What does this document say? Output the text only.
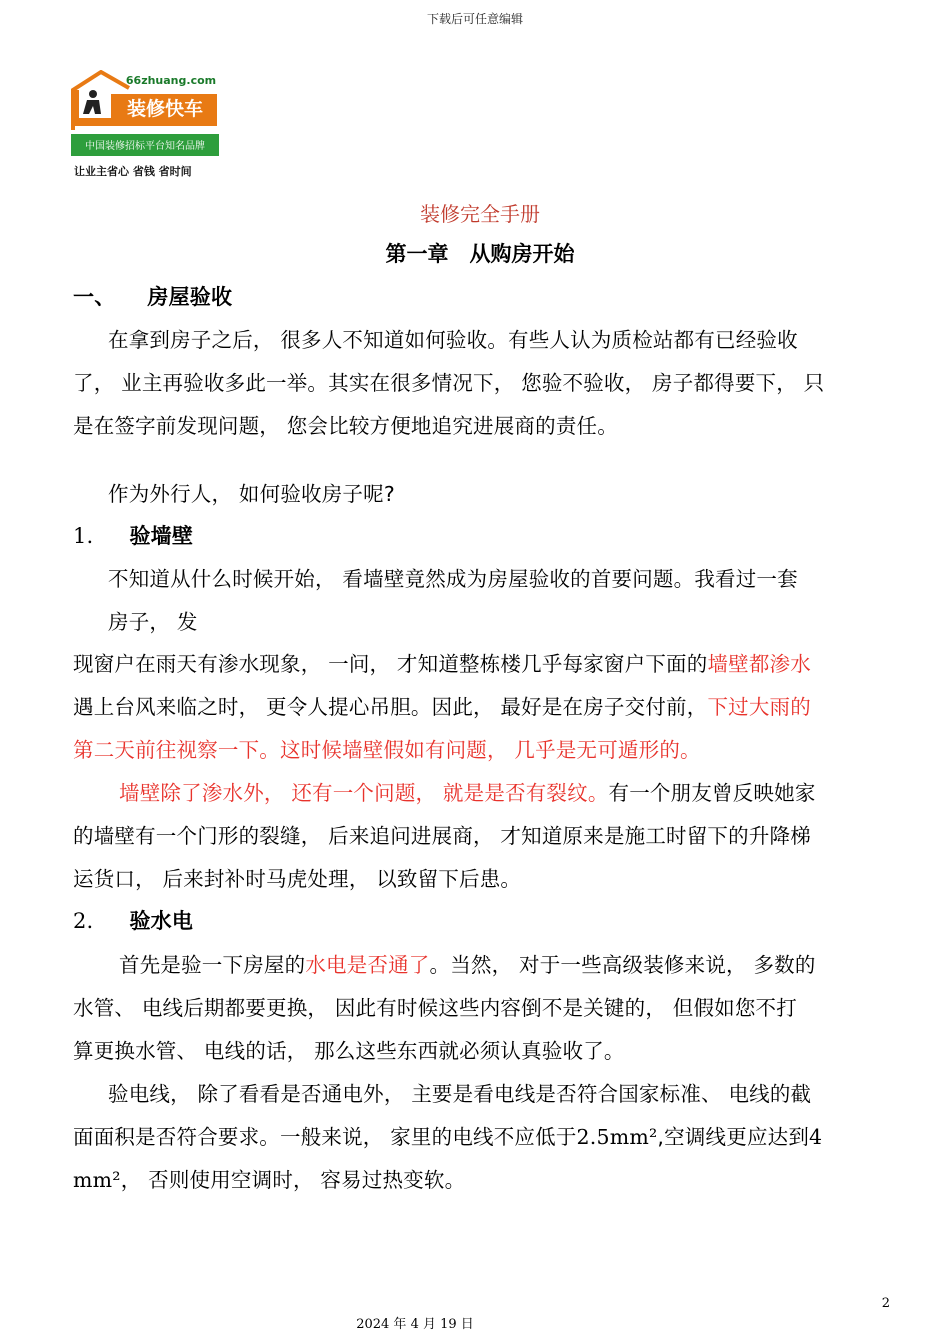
下载后可任意编辑
66zhuang.com
装修快车
中国装修招标平台知名品牌
让业主省心 省钱 省时间
装修完全手册
第一章　从购房开始
一、 房屋验收
在拿到房子之后， 很多人不知道如何验收。有些人认为质检站都有已经验收
了， 业主再验收多此一举。其实在很多情况下， 您验不验收， 房子都得要下， 只
是在签字前发现问题， 您会比较方便地追究进展商的责任。
作为外行人， 如何验收房子呢?
1. 验墙壁
不知道从什么时候开始， 看墙壁竟然成为房屋验收的首要问题。我看过一套
房子， 发
现窗户在雨天有渗水现象， 一问， 才知道整栋楼几乎每家窗户下面的墙壁都渗水
遇上台风来临之时， 更令人提心吊胆。因此， 最好是在房子交付前，下过大雨的
第二天前往视察一下。这时候墙壁假如有问题， 几乎是无可遁形的。
墙壁除了渗水外， 还有一个问题， 就是是否有裂纹。有一个朋友曾反映她家
的墙壁有一个门形的裂缝， 后来追问进展商， 才知道原来是施工时留下的升降梯
运货口， 后来封补时马虎处理， 以致留下后患。
2. 验水电
首先是验一下房屋的水电是否通了。当然， 对于一些高级装修来说， 多数的
水管、 电线后期都要更换， 因此有时候这些内容倒不是关键的， 但假如您不打
算更换水管、 电线的话， 那么这些东西就必须认真验收了。
验电线， 除了看看是否通电外， 主要是看电线是否符合国家标准、 电线的截
面面积是否符合要求。一般来说， 家里的电线不应低于2.5mm²,空调线更应达到4
mm²， 否则使用空调时， 容易过热变软。
2
2024 年 4 月 19 日
